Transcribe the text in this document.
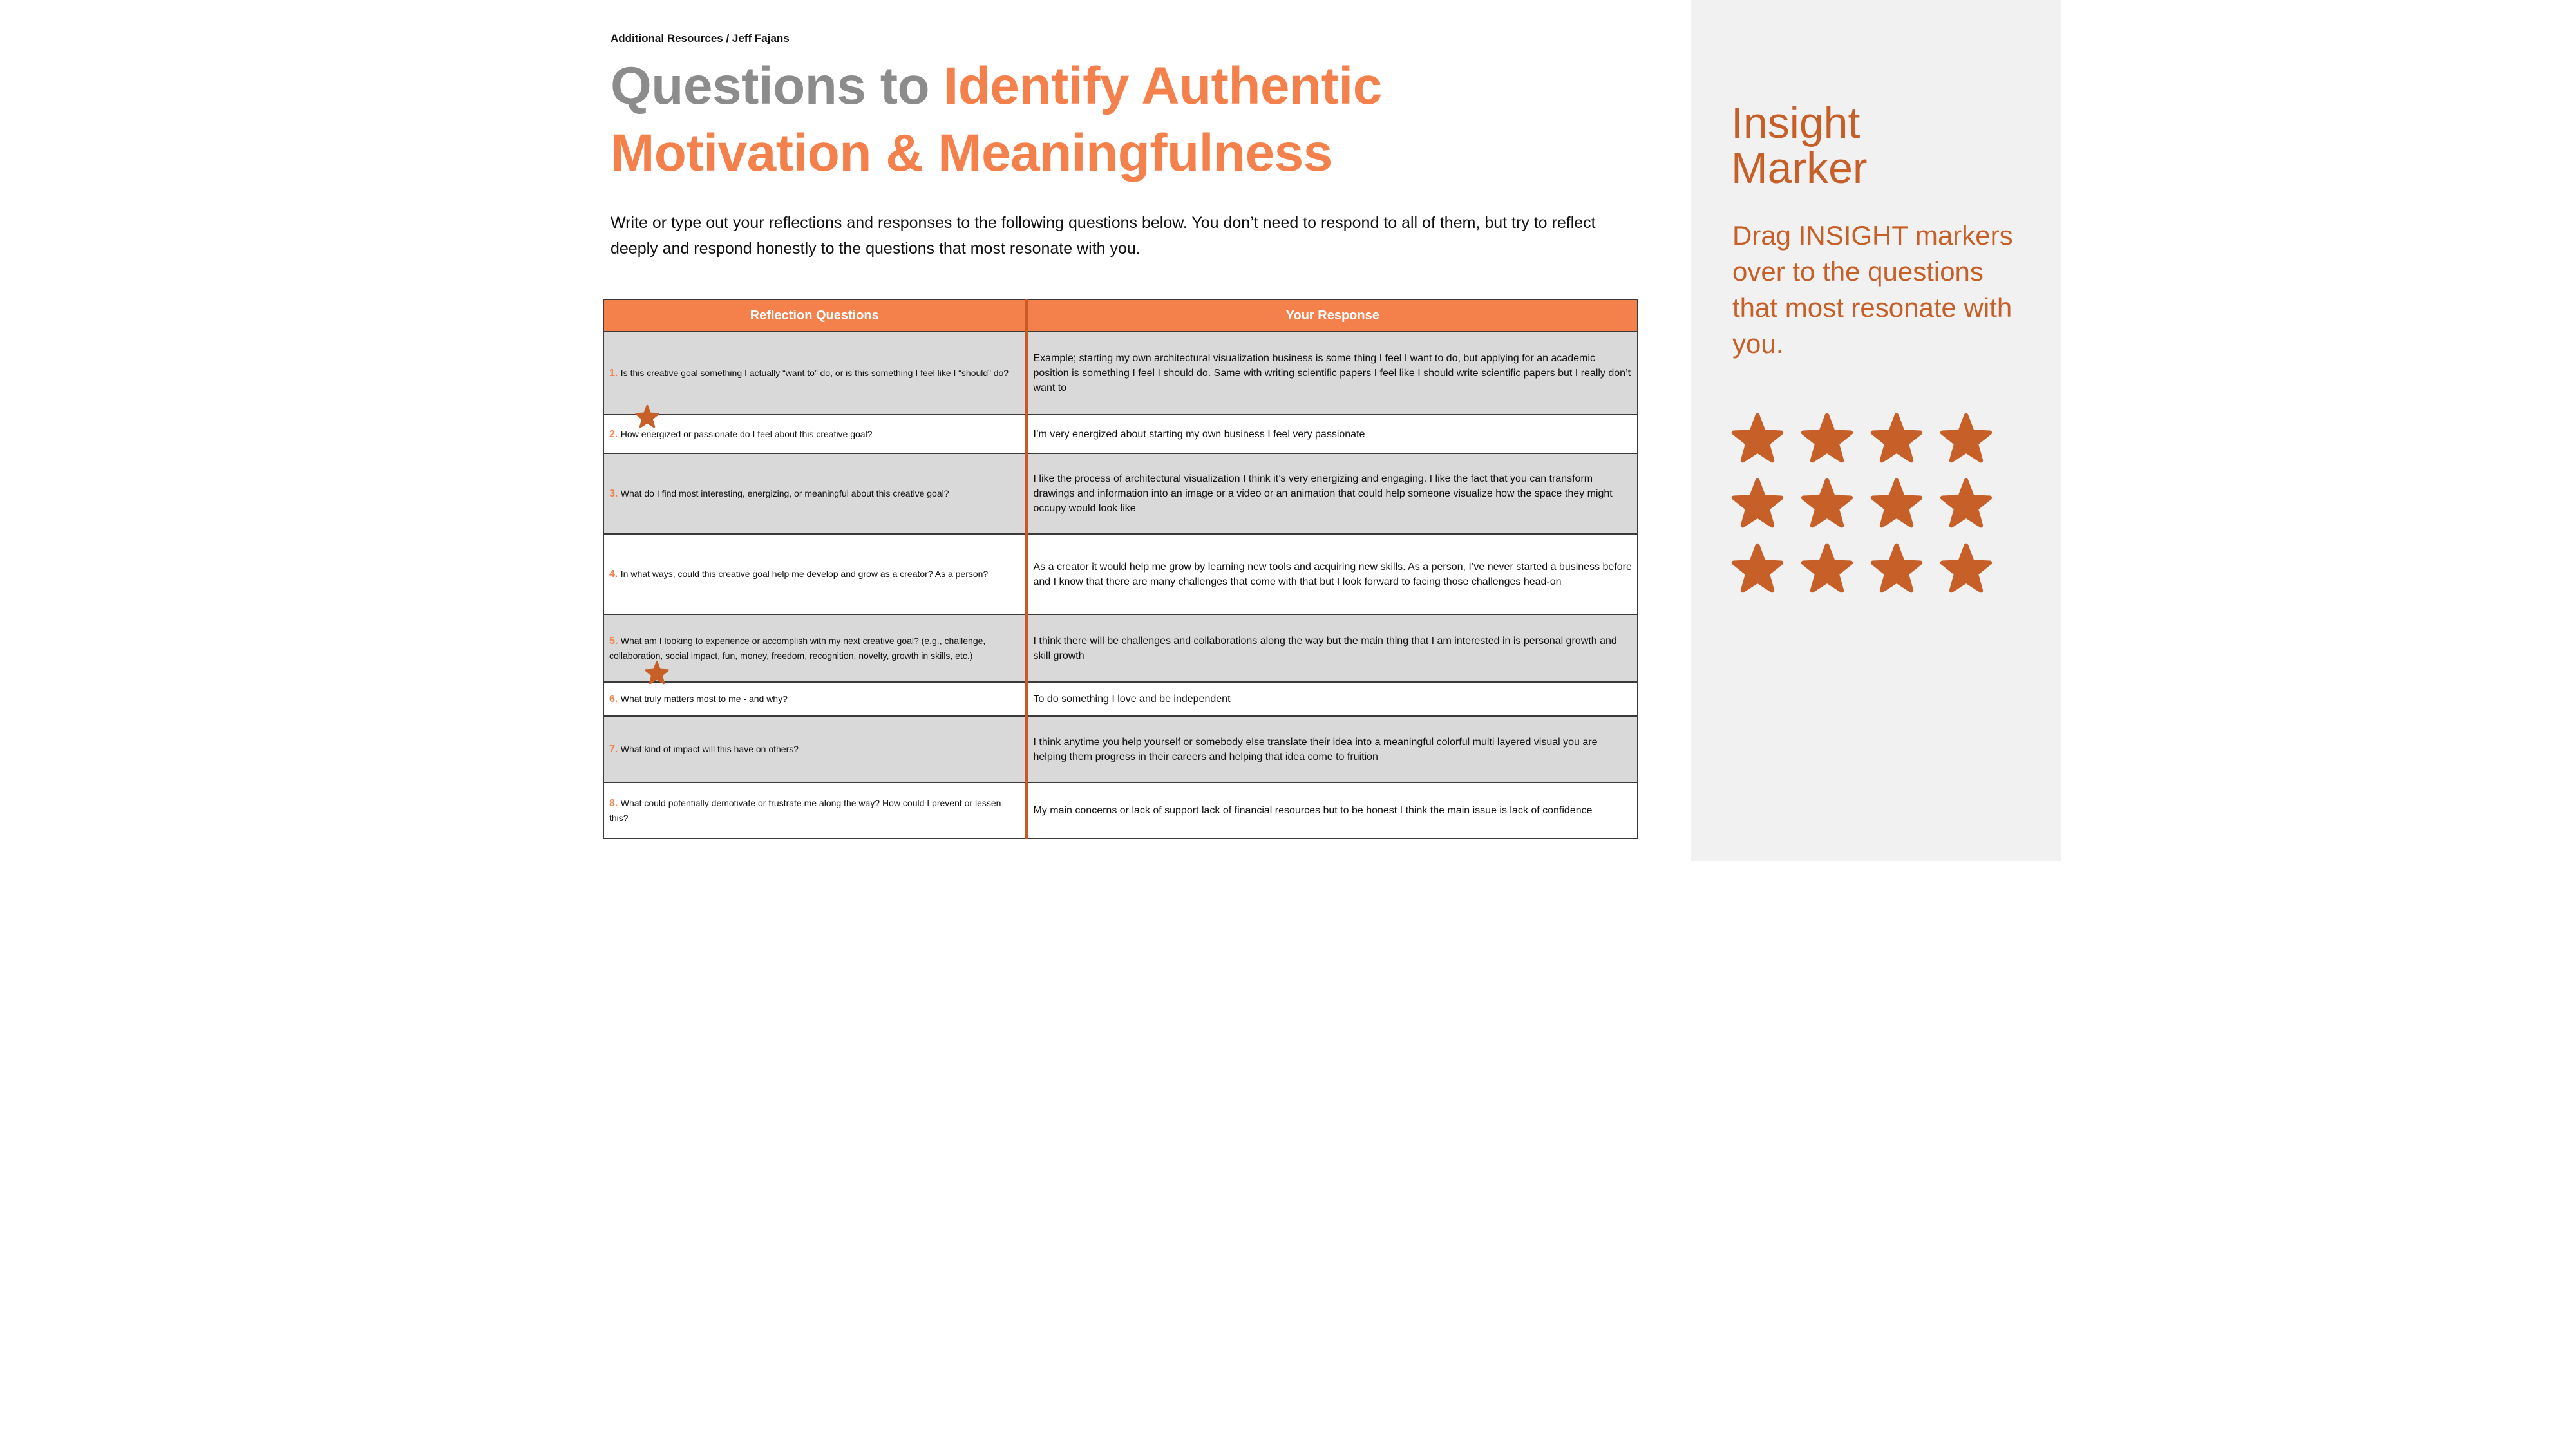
Additional Resources / Jeff Fajans
Questions to Identify Authentic
Motivation & Meaningfulness
Write or type out your reflections and responses to the following questions below. You don’t need to respond to all of them, but try to reflect deeply and respond honestly to the questions that most resonate with you.
Reflection Questions	Your Response
1. Is this creative goal something I actually “want to” do, or is this something I feel like I “should” do?	Example; starting my own architectural visualization business is some thing I feel I want to do, but applying for an academic position is something I feel I should do. Same with writing scientific papers I feel like I should write scientific papers but I really don’t want to
2. How energized or passionate do I feel about this creative goal?	I’m very energized about starting my own business I feel very passionate
3. What do I find most interesting, energizing, or meaningful about this creative goal?	I like the process of architectural visualization I think it’s very energizing and engaging. I like the fact that you can transform drawings and information into an image or a video or an animation that could help someone visualize how the space they might occupy would look like
4. In what ways, could this creative goal help me develop and grow as a creator? As a person?	As a creator it would help me grow by learning new tools and acquiring new skills. As a person, I’ve never started a business before and I know that there are many challenges that come with that but I look forward to facing those challenges head-on
5. What am I looking to experience or accomplish with my next creative goal? (e.g., challenge, collaboration, social impact, fun, money, freedom, recognition, novelty, growth in skills, etc.)	I think there will be challenges and collaborations along the way but the main thing that I am interested in is personal growth and skill growth
6. What truly matters most to me - and why?	To do something I love and be independent
7. What kind of impact will this have on others?	I think anytime you help yourself or somebody else translate their idea into a meaningful colorful multi layered visual you are helping them progress in their careers and helping that idea come to fruition
8. What could potentially demotivate or frustrate me along the way? How could I prevent or lessen this?	My main concerns or lack of support lack of financial resources but to be honest I think the main issue is lack of confidence
Insight Marker
Drag INSIGHT markers over to the questions that most resonate with you.
